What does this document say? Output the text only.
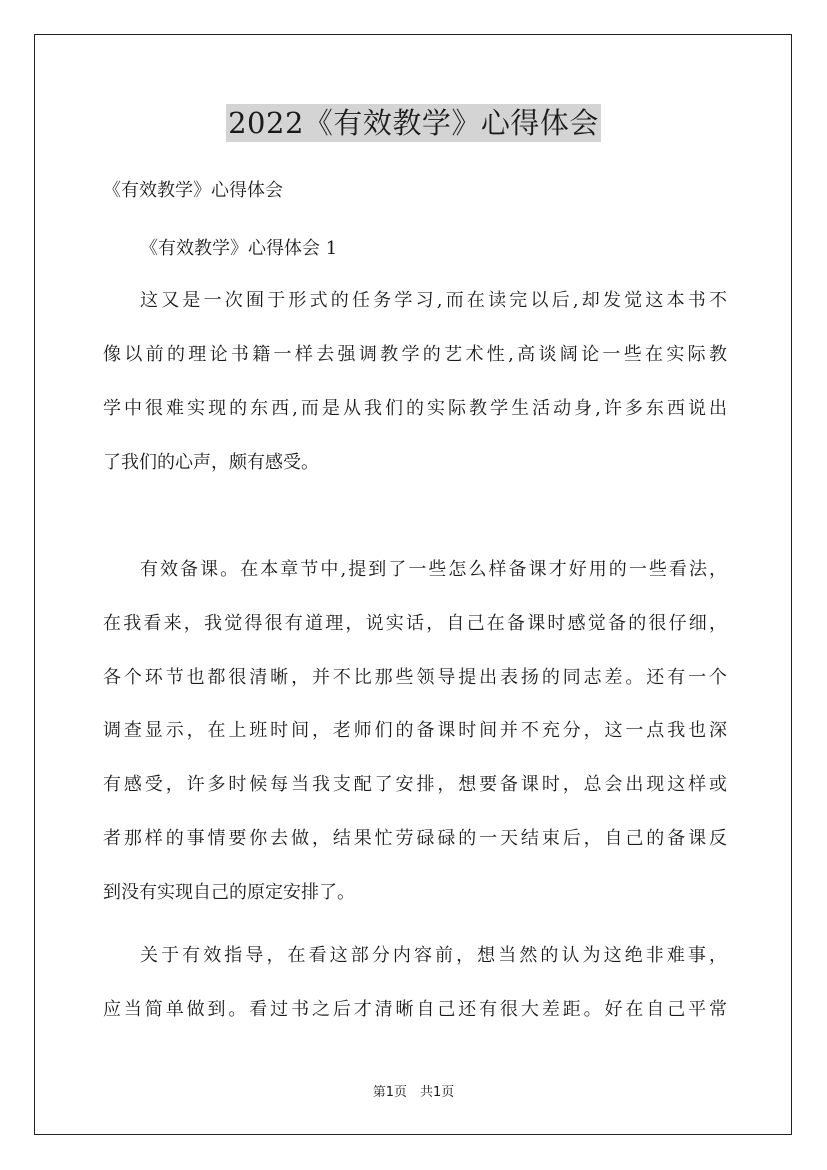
2022《有效教学》心得体会
《有效教学》心得体会
《有效教学》心得体会 1
这又是一次囿于形式的任务学习,而在读完以后,却发觉这本书不
像以前的理论书籍一样去强调教学的艺术性,高谈阔论一些在实际教
学中很难实现的东西,而是从我们的实际教学生活动身,许多东西说出
了我们的心声，颇有感受。
有效备课。在本章节中,提到了一些怎么样备课才好用的一些看法，
在我看来，我觉得很有道理，说实话，自己在备课时感觉备的很仔细，
各个环节也都很清晰，并不比那些领导提出表扬的同志差。还有一个
调查显示，在上班时间，老师们的备课时间并不充分，这一点我也深
有感受，许多时候每当我支配了安排，想要备课时，总会出现这样或
者那样的事情要你去做，结果忙劳碌碌的一天结束后，自己的备课反
到没有实现自己的原定安排了。
关于有效指导，在看这部分内容前，想当然的认为这绝非难事，
应当简单做到。看过书之后才清晰自己还有很大差距。好在自己平常
第1页　共1页
